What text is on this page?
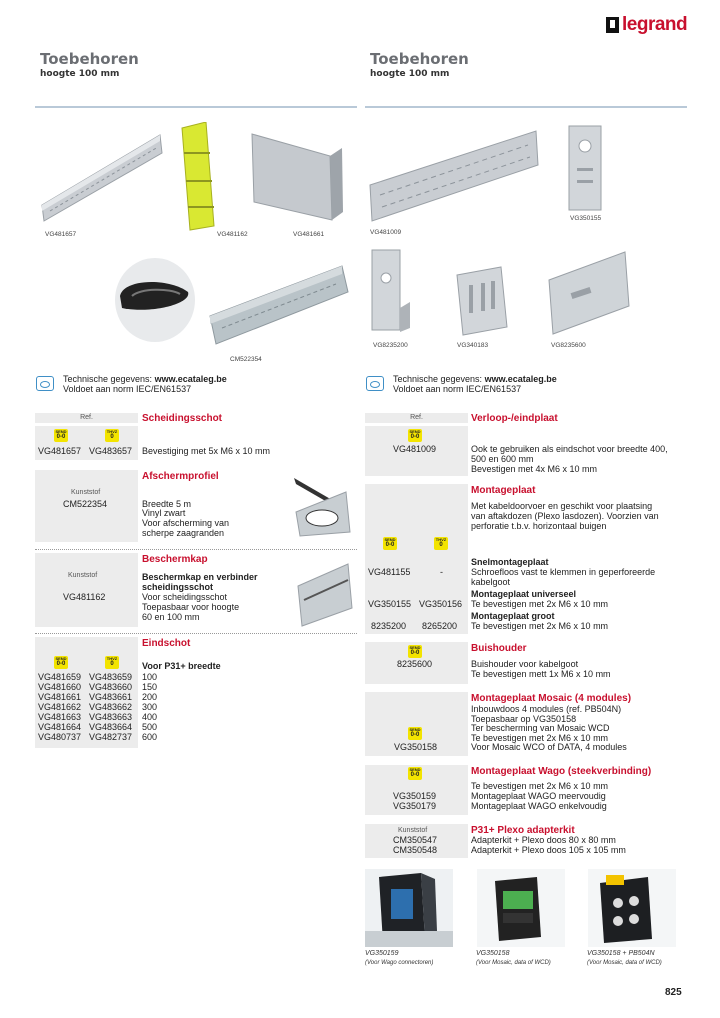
legrand
Toebehoren
hoogte 100 mm
Toebehoren
hoogte 100 mm
VG481657	VG481162	VG481661
CM522354
VG481009
VG350155
VG8235200	VG340183	VG8235600
Technische gegevens: www.ecataleg.be
Voldoet aan norm IEC/EN61537
Technische gegevens: www.ecataleg.be
Voldoet aan norm IEC/EN61537
Ref.	Scheidingsschot
SEND
0-0
THVZ
0
VG481657 VG483657 Bevestiging met 5x M6 x 10 mm
Afschermprofiel
Kunststof
CM522354	Breedte 5 m
Vinyl zwart
Voor afscherming van
scherpe zaagranden
Beschermkap
Kunststof
VG481162
Beschermkap en verbinder
scheidingsschot
Voor scheidingsschot
Toepasbaar voor hoogte
60 en 100 mm
Eindschot
SEND
0-0
THVZ
0	Voor P31+ breedte
VG481659 VG483659 100
VG481660 VG483660 150
VG481661 VG483661 200
VG481662 VG483662 300
VG481663 VG483663 400
VG481664 VG483664 500
VG480737 VG482737 600
Ref.	Verloop-/eindplaat
SEND
0-0
VG481009	Ook te gebruiken als eindschot voor breedte 400,
500 en 600 mm
Bevestigen met 4x M6 x 10 mm
Montageplaat
Met kabeldoorvoer en geschikt voor plaatsing
van aftakdozen (Plexo lasdozen). Voorzien van
perforatie t.b.v. horizontaal buigen
SEND
0-0
THVZ
0
Snelmontageplaat
VG481155	-	Schroefloos vast te klemmen in geperforeerde
kabelgoot
Montageplaat universeel
VG350155 VG350156 Te bevestigen met 2x M6 x 10 mm
Montageplaat groot
8235200 8265200 Te bevestigen met 2x M6 x 10 mm
Buishouder
SEND
0-0
8235600	Buishouder voor kabelgoot
Te bevestigen mett 1x M6 x 10 mm
Montageplaat Mosaic (4 modules)
SEND
0-0
VG350158
Inbouwdoos 4 modules (ref. PB504N)
Toepasbaar op VG350158
Ter bescherming van Mosaic WCD
Te bevestigen met 2x M6 x 10 mm
Voor Mosaic WCO of DATA, 4 modules
Montageplaat Wago (steekverbinding)
SEND
0-0
Te bevestigen met 2x M6 x 10 mm
VG350159	Montageplaat WAGO meervoudig
VG350179	Montageplaat WAGO enkelvoudig
P31+ Plexo adapterkit
Kunststof
CM350547	Adapterkit + Plexo doos 80 x 80 mm
CM350548	Adapterkit + Plexo doos 105 x 105 mm
VG350159
(Voor Wago connectoren)
VG350158
(Voor Mosaic, data of WCD)
VG350158 + PB504N
(Voor Mosaic, data of WCD)
825
